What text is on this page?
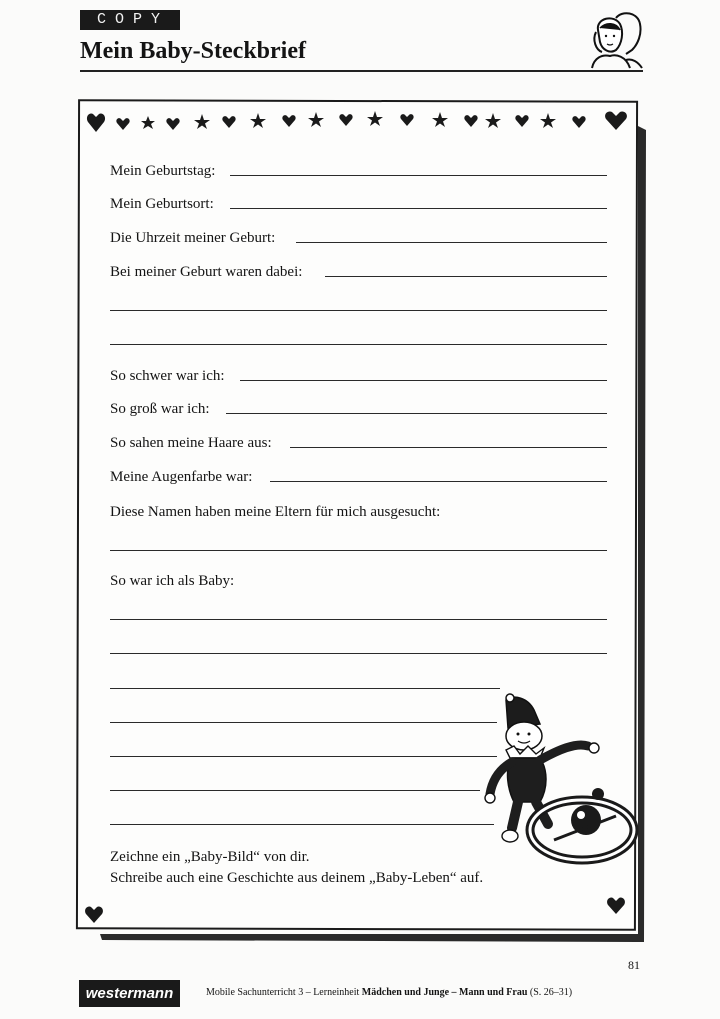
COPY
Mein Baby-Steckbrief
Mein Geburtstag:
Mein Geburtsort:
Die Uhrzeit meiner Geburt:
Bei meiner Geburt waren dabei:
So schwer war ich:
So groß war ich:
So sahen meine Haare aus:
Meine Augenfarbe war:
Diese Namen haben meine Eltern für mich ausgesucht:
So war ich als Baby:
Zeichne ein „Baby-Bild“ von dir.
Schreibe auch eine Geschichte aus deinem „Baby-Leben“ auf.
81
westermann	Mobile Sachunterricht 3 – Lerneinheit Mädchen und Junge – Mann und Frau (S. 26–31)
